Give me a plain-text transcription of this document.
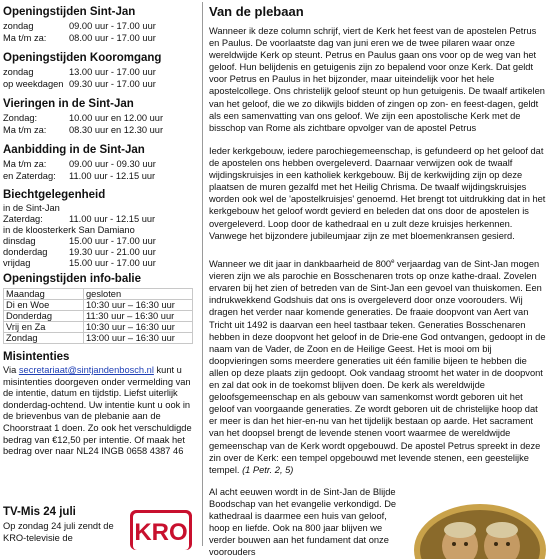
Openingstijden Sint-Jan
zondag	09.00 uur - 17.00 uur
Ma t/m za: 08.00 uur - 17.00 uur
Openingstijden Kooromgang
zondag	13.00 uur - 17.00 uur
op weekdagen 09.30 uur - 17.00 uur
Vieringen in de Sint-Jan
Zondag:	10.00 uur en 12.00 uur
Ma t/m za: 08.30 uur en 12.30 uur
Aanbidding in de Sint-Jan
Ma t/m za: 09.00 uur - 09.30 uur
en Zaterdag: 11.00 uur - 12.15 uur
Biechtgelegenheid
in de Sint-Jan
Zaterdag:	11.00 uur - 12.15 uur
in de kloosterkerk San Damiano
dinsdag	15.00 uur - 17.00 uur
donderdag 19.30 uur - 21.00 uur
vrijdag	15.00 uur - 17.00 uur
Openingstijden info-balie
Maandag	gesloten
Di en Woe	10:30 uur – 16:30 uur
Donderdag	11:30 uur – 16:30 uur
Vrij en Za	10:30 uur – 16:30 uur
Zondag	13:00 uur – 16:30 uur
Misintenties
Via secretariaat@sintjandenbosch.nl kunt u misintenties doorgeven onder vermelding van de intentie, datum en tijdstip. Liefst uiterlijk donderdag-ochtend. Uw intentie kunt u ook in de brievenbus van de plebanie aan de Choorstraat 1 doen. Zo ook het verschuldigde bedrag van €12,50 per intentie. Of maak het bedrag over naar NL24 INGB 0658 4387 46
TV-Mis 24 juli
Op zondag 24 juli zendt de KRO-televisie de	KRO
Van de plebaan

Wanneer ik deze column schrijf, viert de Kerk het feest van de apostelen Petrus en Paulus. De voorlaatste dag van juni eren we de twee pilaren waar onze wereldwijde Kerk op steunt. Petrus en Paulus gaan ons voor op de weg van het geloof. Hun belijdenis en getuigenis zijn zo bepalend voor onze Kerk. Dat geldt voor Petrus en Paulus in het bijzonder, maar uiteindelijk voor het hele apostelcollege. Ons christelijk geloof steunt op hun getuigenis. De twaalf artikelen van het geloof, die we zo dikwijls bidden of zingen op zon- en feest-dagen, geldt als een samenvatting van ons geloof. We zijn een apostolische Kerk met de bisschop van Rome als zichtbare opvolger van de apostel Petrus

Ieder kerkgebouw, iedere parochiegemeenschap, is gefundeerd op het geloof dat de apostelen ons hebben overgeleverd. Daarnaar verwijzen ook de twaalf wijdingskruisjes in een katholiek kerkgebouw. Bij de kerkwijding zijn op deze plaatsen de muren gezalfd met het Heilig Chrisma. De twaalf wijdingskruisjes worden ook wel de 'apostelkruisjes' genoemd. Het brengt tot uitdrukking dat in het kerkgebouw het geloof wordt gevierd en beleden dat ons door de apostelen is overgeleverd. Loop door de kathedraal en u zult deze kruisjes herkennen. Vanwege het bijzondere jubileumjaar zijn ze met bloemenkransen gesierd.

Wanneer we dit jaar in dankbaarheid de 800e verjaardag van de Sint-Jan mogen vieren zijn we als parochie en Bosschenaren trots op onze kathe-draal. Zovelen ervaren bij het zien of betreden van de Sint-Jan een gevoel van thuiskomen. Een indrukwekkend Godshuis dat ons is overgeleverd door onze voorouders. Wij dragen het verder naar komende generaties. De fraaie doopvont van Aert van Tricht uit 1492 is daarvan een heel tastbaar teken. Generaties Bosschenaren hebben in deze doopvont het geloof in de Drie-ene God ontvangen, gedoopt in de naam van de Vader, de Zoon en de Heilige Geest. Het is mooi om bij doopvieringen soms meerdere generaties uit één familie bijeen te hebben die allen op deze plaats zijn gedoopt. Ook vandaag stroomt het water in de doopvont en zal dat ook in de toekomst blijven doen. De kerk als wereldwijde geloofsgemeenschap en als gebouw van samenkomst wordt geboren uit het geloof van voorgaande generaties. Ze wordt geboren uit de christelijke hoop dat er meer is dan het hier-en-nu van het tijdelijk bestaan op aarde. Het sacrament van het doopsel brengt de levende stenen voort waarmee de wereldwijde gemeenschap van de Kerk wordt opgebouwd. De apostel Petrus spreekt in deze zin over de Kerk: een tempel opgebouwd met levende stenen, een geestelijke tempel. (1 Petr. 2, 5)

Al acht eeuwen wordt in de Sint-Jan de Blijde Boodschap van het evangelie verkondigd. De kathedraal is daarmee een huis van geloof, hoop en liefde. Ook na 800 jaar blijven we verder bouwen aan het fundament dat onze voorouders
